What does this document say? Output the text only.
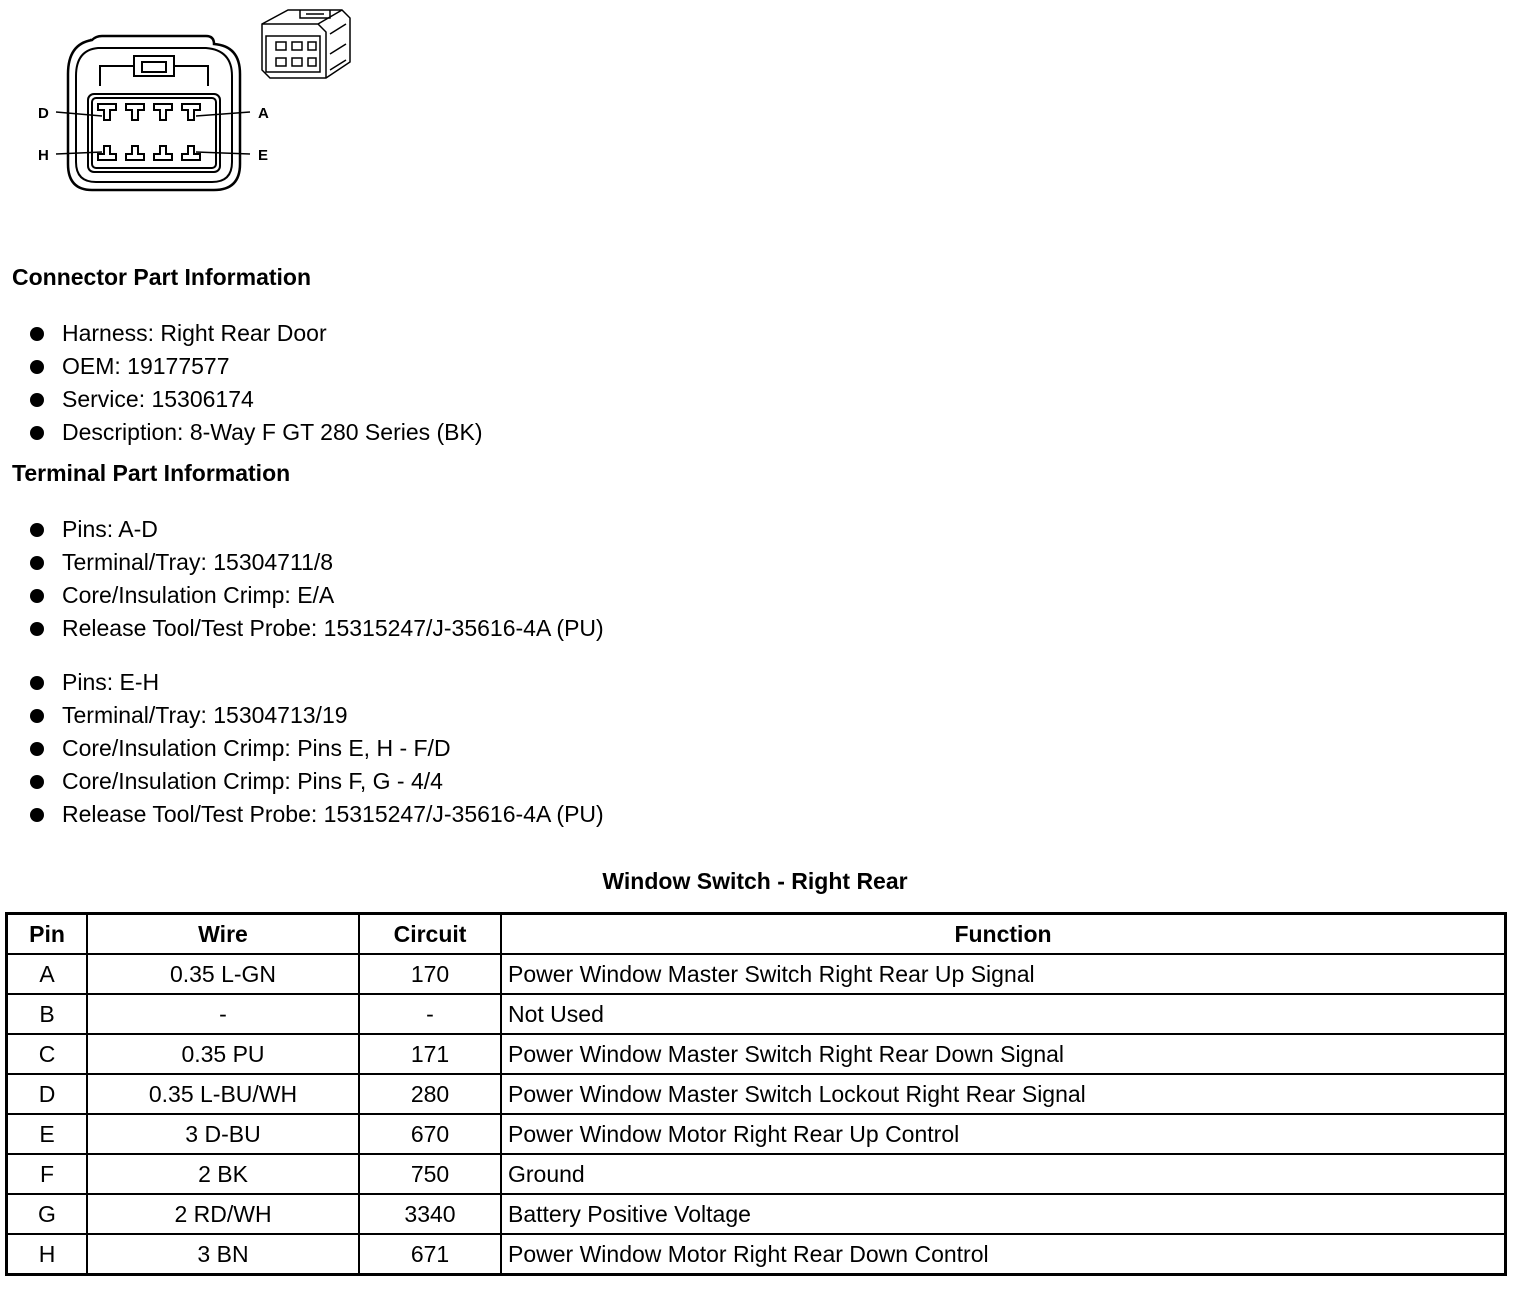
D	A
H	E
Connector Part Information
Harness: Right Rear Door
OEM: 19177577
Service: 15306174
Description: 8-Way F GT 280 Series (BK)
Terminal Part Information
Pins: A-D
Terminal/Tray: 15304711/8
Core/Insulation Crimp: E/A
Release Tool/Test Probe: 15315247/J-35616-4A (PU)
Pins: E-H
Terminal/Tray: 15304713/19
Core/Insulation Crimp: Pins E, H - F/D
Core/Insulation Crimp: Pins F, G - 4/4
Release Tool/Test Probe: 15315247/J-35616-4A (PU)
Window Switch - Right Rear
Pin	Wire	Circuit	Function
A	0.35 L-GN	170	Power Window Master Switch Right Rear Up Signal
B	-	-	Not Used
C	0.35 PU	171	Power Window Master Switch Right Rear Down Signal
D	0.35 L-BU/WH	280	Power Window Master Switch Lockout Right Rear Signal
E	3 D-BU	670	Power Window Motor Right Rear Up Control
F	2 BK	750	Ground
G	2 RD/WH	3340	Battery Positive Voltage
H	3 BN	671	Power Window Motor Right Rear Down Control
